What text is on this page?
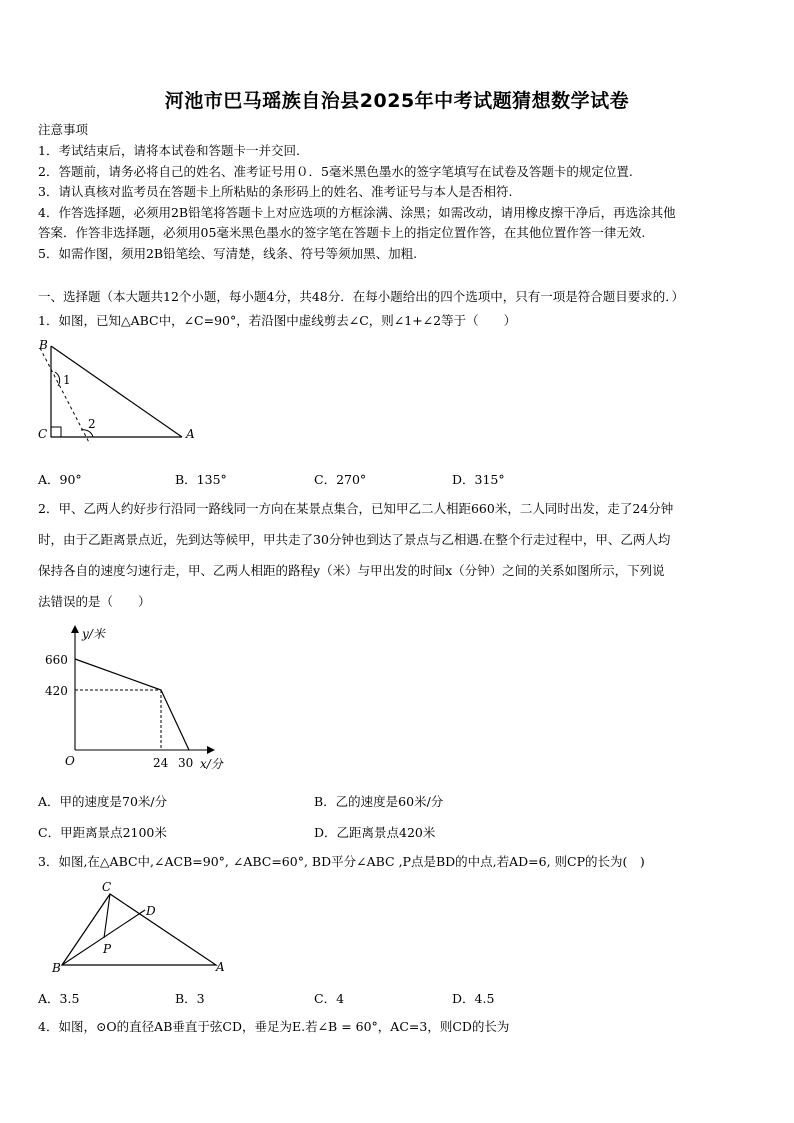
河池市巴马瑶族自治县2025年中考试题猜想数学试卷
注意事项
1．考试结束后，请将本试卷和答题卡一并交回.
2．答题前，请务必将自己的姓名、准考证号用０．5毫米黑色墨水的签字笔填写在试卷及答题卡的规定位置.
3．请认真核对监考员在答题卡上所粘贴的条形码上的姓名、准考证号与本人是否相符.
4．作答选择题，必须用2B铅笔将答题卡上对应选项的方框涂满、涂黑；如需改动，请用橡皮擦干净后，再选涂其他
答案．作答非选择题，必须用05毫米黑色墨水的签字笔在答题卡上的指定位置作答，在其他位置作答一律无效.
5．如需作图，须用2B铅笔绘、写清楚，线条、符号等须加黑、加粗.
一、选择题（本大题共12个小题，每小题4分，共48分．在每小题给出的四个选项中，只有一项是符合题目要求的．）
1．如图，已知△ABC中，∠C=90°，若沿图中虚线剪去∠C，则∠1+∠2等于（　　）
B
C	A
1
2
A．90°	B．135°	C．270°	D．315°
2．甲、乙两人约好步行沿同一路线同一方向在某景点集合，已知甲乙二人相距660米，二人同时出发，走了24分钟
时，由于乙距离景点近，先到达等候甲，甲共走了30分钟也到达了景点与乙相遇.在整个行走过程中，甲、乙两人均
保持各自的速度匀速行走，甲、乙两人相距的路程y（米）与甲出发的时间x（分钟）之间的关系如图所示，下列说
法错误的是（　　）
y/米
660
420
O	24 30 x/分
A．甲的速度是70米/分	B．乙的速度是60米/分
C．甲距离景点2100米	D．乙距离景点420米
3．如图,在△ABC中,∠ACB=90°, ∠ABC=60°, BD平分∠ABC ,P点是BD的中点,若AD=6, 则CP的长为(　)
C
D
P
B	A
A．3.5	B．3	C．4	D．4.5
4．如图，⊙O的直径AB垂直于弦CD，垂足为E.若∠B = 60°，AC=3，则CD的长为
